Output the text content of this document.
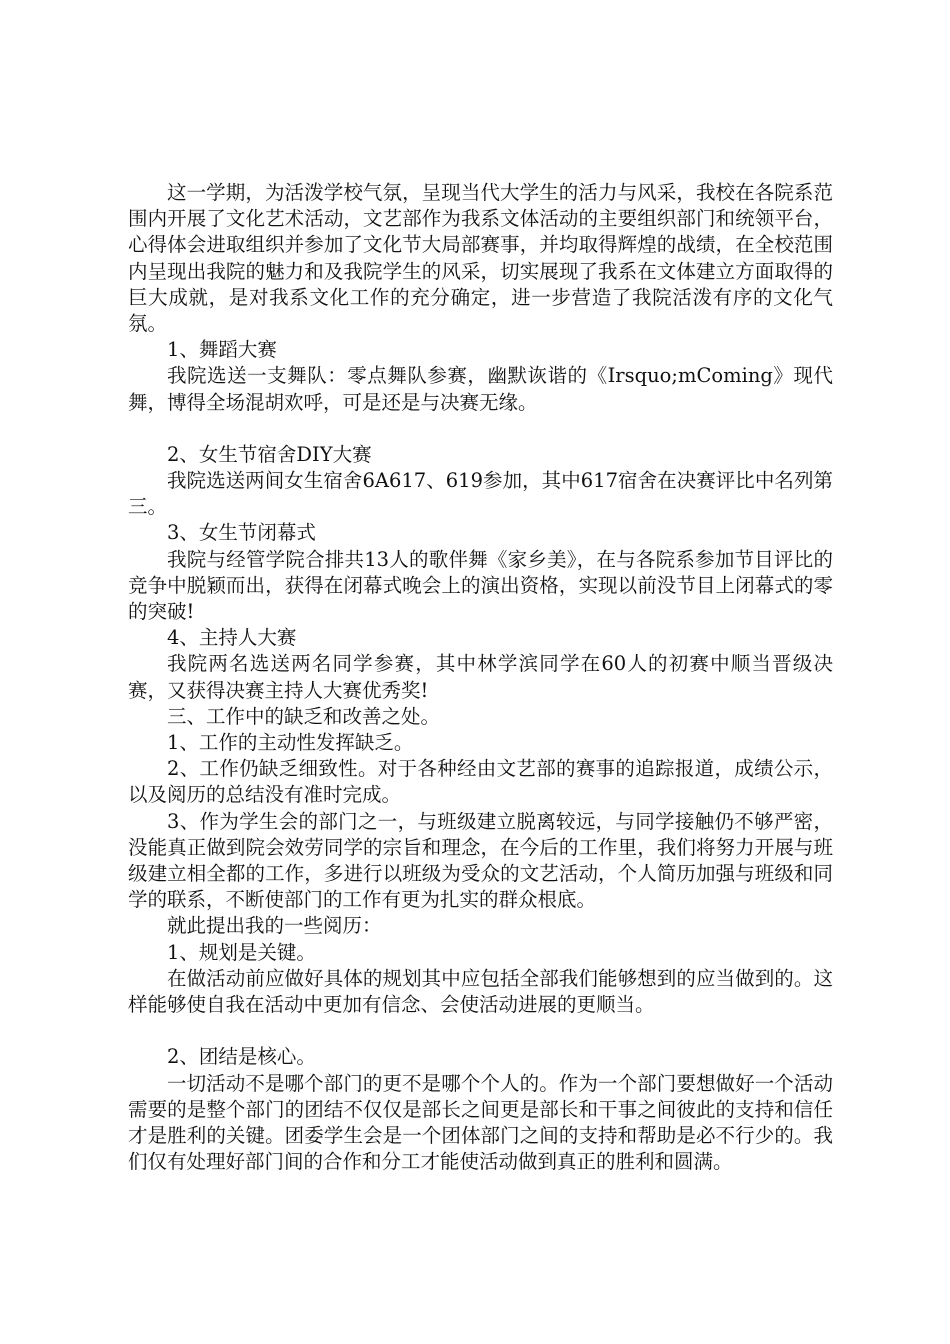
这一学期，为活泼学校气氛，呈现当代大学生的活力与风采，我校在各院系范围内开展了文化艺术活动，文艺部作为我系文体活动的主要组织部门和统领平台，心得体会进取组织并参加了文化节大局部赛事，并均取得辉煌的战绩，在全校范围内呈现出我院的魅力和及我院学生的风采，切实展现了我系在文体建立方面取得的巨大成就，是对我系文化工作的充分确定，进一步营造了我院活泼有序的文化气氛。

1、舞蹈大赛

我院选送一支舞队：零点舞队参赛，幽默诙谐的《Irsquo;mComing》现代舞，博得全场混胡欢呼，可是还是与决赛无缘。

2、女生节宿舍DIY大赛

我院选送两间女生宿舍6A617、619参加，其中617宿舍在决赛评比中名列第三。

3、女生节闭幕式

我院与经管学院合排共13人的歌伴舞《家乡美》，在与各院系参加节目评比的竞争中脱颖而出，获得在闭幕式晚会上的演出资格，实现以前没节目上闭幕式的零的突破!

4、主持人大赛

我院两名选送两名同学参赛，其中林学滨同学在60人的初赛中顺当晋级决赛，又获得决赛主持人大赛优秀奖!

三、工作中的缺乏和改善之处。

1、工作的主动性发挥缺乏。

2、工作仍缺乏细致性。对于各种经由文艺部的赛事的追踪报道，成绩公示，以及阅历的总结没有准时完成。

3、作为学生会的部门之一，与班级建立脱离较远，与同学接触仍不够严密，没能真正做到院会效劳同学的宗旨和理念，在今后的工作里，我们将努力开展与班级建立相全都的工作，多进行以班级为受众的文艺活动，个人简历加强与班级和同学的联系，不断使部门的工作有更为扎实的群众根底。

就此提出我的一些阅历：

1、规划是关键。

在做活动前应做好具体的规划其中应包括全部我们能够想到的应当做到的。这样能够使自我在活动中更加有信念、会使活动进展的更顺当。

2、团结是核心。

一切活动不是哪个部门的更不是哪个个人的。作为一个部门要想做好一个活动需要的是整个部门的团结不仅仅是部长之间更是部长和干事之间彼此的支持和信任才是胜利的关键。团委学生会是一个团体部门之间的支持和帮助是必不行少的。我们仅有处理好部门间的合作和分工才能使活动做到真正的胜利和圆满。
